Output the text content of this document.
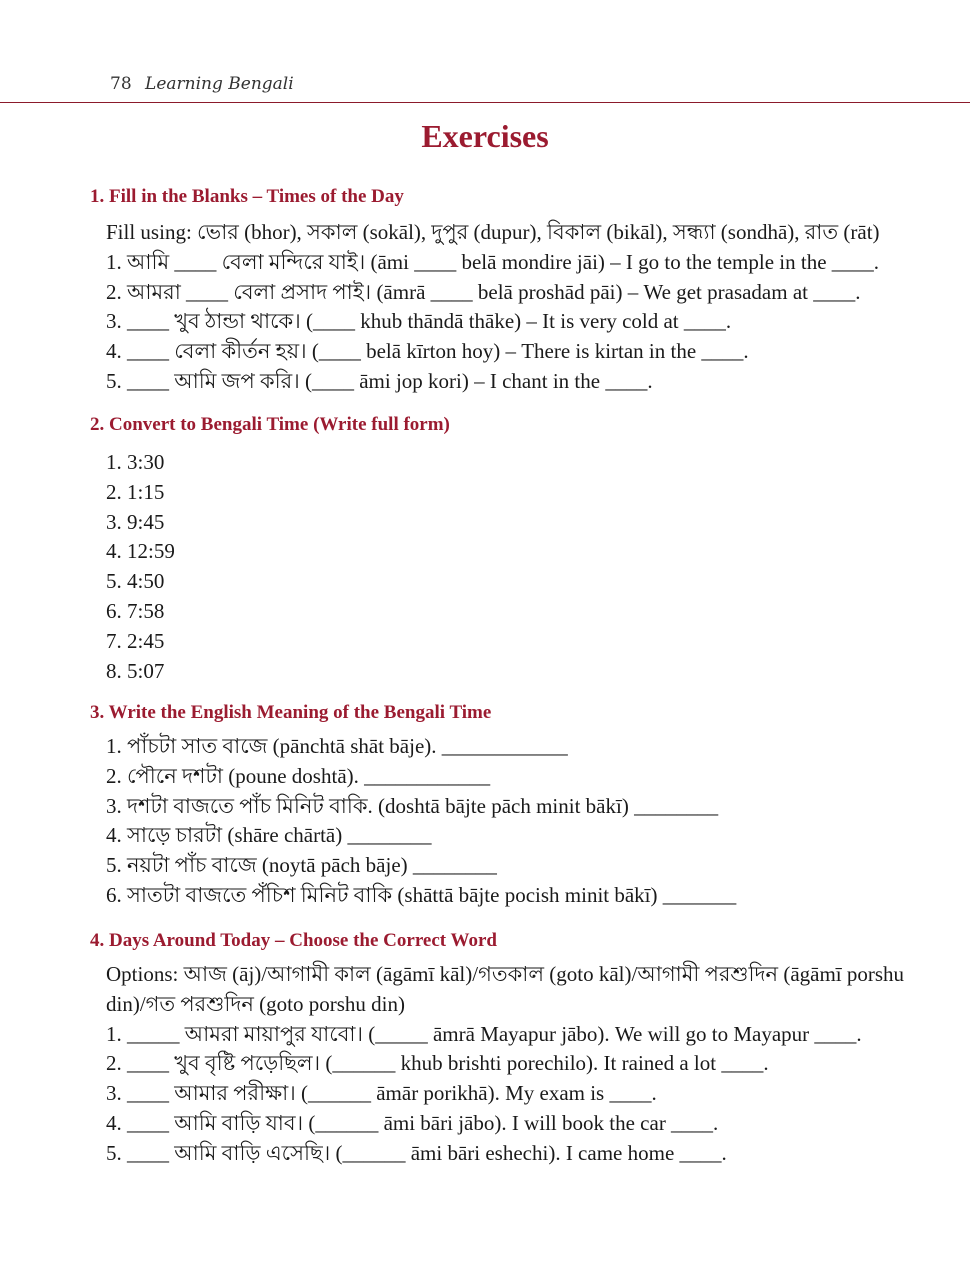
78 Learning Bengali
Exercises
1. Fill in the Blanks – Times of the Day
Fill using: ভোর (bhor), সকাল (sokāl), দুপুর (dupur), বিকাল (bikāl), সন্ধ্যা (sondhā), রাত (rāt)
1. আমি ____ বেলা মন্দিরে যাই। (āmi ____ belā mondire jāi) – I go to the temple in the ____.
2. আমরা ____ বেলা প্রসাদ পাই। (āmrā ____ belā proshād pāi) – We get prasadam at ____.
3. ____ খুব ঠান্ডা থাকে। (____ khub thāndā thāke) – It is very cold at ____.
4. ____ বেলা কীর্তন হয়। (____ belā kīrton hoy) – There is kirtan in the ____.
5. ____ আমি জপ করি। (____ āmi jop kori) – I chant in the ____.
2. Convert to Bengali Time (Write full form)
1. 3:30
2. 1:15
3. 9:45
4. 12:59
5. 4:50
6. 7:58
7. 2:45
8. 5:07
3. Write the English Meaning of the Bengali Time
1. পাঁচটা সাত বাজে (pānchtā shāt bāje). ____________
2. পৌনে দশটা (poune doshtā). ____________
3. দশটা বাজতে পাঁচ মিনিট বাকি. (doshtā bājte pāch minit bākī) ________
4. সাড়ে চারটা (shāre chārtā) ________
5. নয়টা পাঁচ বাজে (noytā pāch bāje) ________
6. সাতটা বাজতে পঁচিশ মিনিট বাকি (shāttā bājte pocish minit bākī) _______
4. Days Around Today – Choose the Correct Word
Options: আজ (āj)/আগামী কাল (āgāmī kāl)/গতকাল (goto kāl)/আগামী পরশুদিন (āgāmī porshu din)/গত পরশুদিন (goto porshu din)
1. _____ আমরা মায়াপুর যাবো। (_____ āmrā Mayapur jābo). We will go to Mayapur ____.
2. ____ খুব বৃষ্টি পড়েছিল। (______ khub brishti porechilo). It rained a lot ____.
3. ____ আমার পরীক্ষা। (______ āmār porikhā). My exam is ____.
4. ____ আমি বাড়ি যাব। (______ āmi bāri jābo). I will book the car ____.
5. ____ আমি বাড়ি এসেছি। (______ āmi bāri eshechi). I came home ____.
